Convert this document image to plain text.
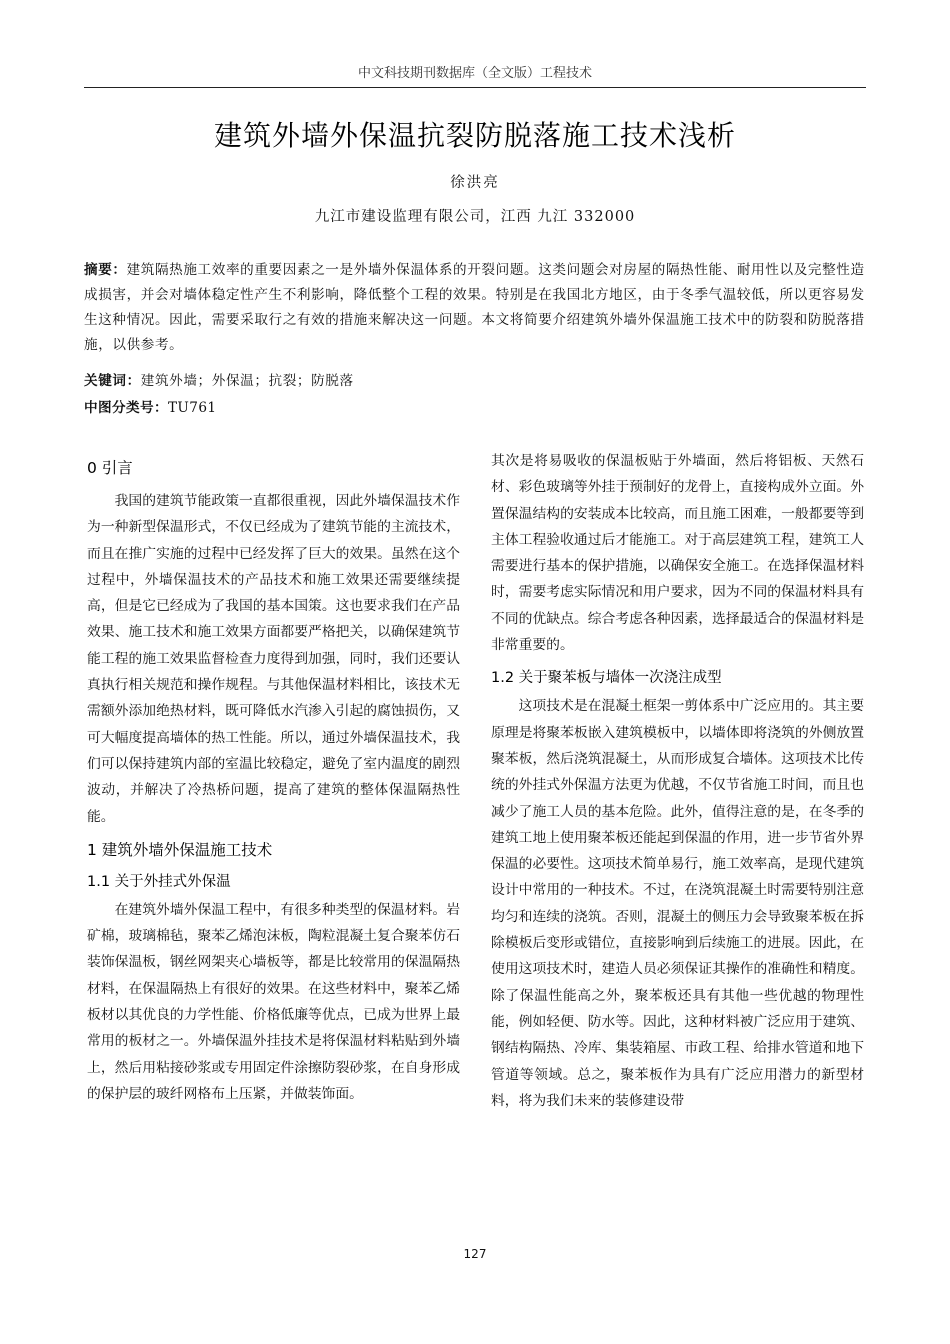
中文科技期刊数据库（全文版）工程技术
建筑外墙外保温抗裂防脱落施工技术浅析
徐洪亮
九江市建设监理有限公司，江西 九江 332000
摘要：建筑隔热施工效率的重要因素之一是外墙外保温体系的开裂问题。这类问题会对房屋的隔热性能、耐用性以及完整性造成损害，并会对墙体稳定性产生不利影响，降低整个工程的效果。特别是在我国北方地区，由于冬季气温较低，所以更容易发生这种情况。因此，需要采取行之有效的措施来解决这一问题。本文将简要介绍建筑外墙外保温施工技术中的防裂和防脱落措施，以供参考。
关键词：建筑外墙；外保温；抗裂；防脱落
中图分类号：TU761
0 引言

我国的建筑节能政策一直都很重视，因此外墙保温技术作为一种新型保温形式，不仅已经成为了建筑节能的主流技术，而且在推广实施的过程中已经发挥了巨大的效果。虽然在这个过程中，外墙保温技术的产品技术和施工效果还需要继续提高，但是它已经成为了我国的基本国策。这也要求我们在产品效果、施工技术和施工效果方面都要严格把关，以确保建筑节能工程的施工效果监督检查力度得到加强，同时，我们还要认真执行相关规范和操作规程。与其他保温材料相比，该技术无需额外添加绝热材料，既可降低水汽渗入引起的腐蚀损伤，又可大幅度提高墙体的热工性能。所以，通过外墙保温技术，我们可以保持建筑内部的室温比较稳定，避免了室内温度的剧烈波动，并解决了冷热桥问题，提高了建筑的整体保温隔热性能。

1 建筑外墙外保温施工技术
1.1 关于外挂式外保温

在建筑外墙外保温工程中，有很多种类型的保温材料。岩矿棉，玻璃棉毡，聚苯乙烯泡沫板，陶粒混凝土复合聚苯仿石装饰保温板，钢丝网架夹心墙板等，都是比较常用的保温隔热材料，在保温隔热上有很好的效果。在这些材料中，聚苯乙烯板材以其优良的力学性能、价格低廉等优点，已成为世界上最常用的板材之一。外墙保温外挂技术是将保温材料粘贴到外墙上，然后用粘接砂浆或专用固定件涂擦防裂砂浆，在自身形成的保护层的玻纤网格布上压紧，并做装饰面。

其次是将易吸收的保温板贴于外墙面，然后将铝板、天然石材、彩色玻璃等外挂于预制好的龙骨上，直接构成外立面。外置保温结构的安装成本比较高，而且施工困难，一般都要等到主体工程验收通过后才能施工。对于高层建筑工程，建筑工人需要进行基本的保护措施，以确保安全施工。在选择保温材料时，需要考虑实际情况和用户要求，因为不同的保温材料具有不同的优缺点。综合考虑各种因素，选择最适合的保温材料是非常重要的。

1.2 关于聚苯板与墙体一次浇注成型

这项技术是在混凝土框架一剪体系中广泛应用的。其主要原理是将聚苯板嵌入建筑模板中，以墙体即将浇筑的外侧放置聚苯板，然后浇筑混凝土，从而形成复合墙体。这项技术比传统的外挂式外保温方法更为优越，不仅节省施工时间，而且也减少了施工人员的基本危险。此外，值得注意的是，在冬季的建筑工地上使用聚苯板还能起到保温的作用，进一步节省外界保温的必要性。这项技术简单易行，施工效率高，是现代建筑设计中常用的一种技术。不过，在浇筑混凝土时需要特别注意均匀和连续的浇筑。否则，混凝土的侧压力会导致聚苯板在拆除模板后变形或错位，直接影响到后续施工的进展。因此，在使用这项技术时，建造人员必须保证其操作的准确性和精度。除了保温性能高之外，聚苯板还具有其他一些优越的物理性能，例如轻便、防水等。因此，这种材料被广泛应用于建筑、钢结构隔热、冷库、集装箱屋、市政工程、给排水管道和地下管道等领域。总之，聚苯板作为具有广泛应用潜力的新型材料，将为我们未来的装修建设带

127
